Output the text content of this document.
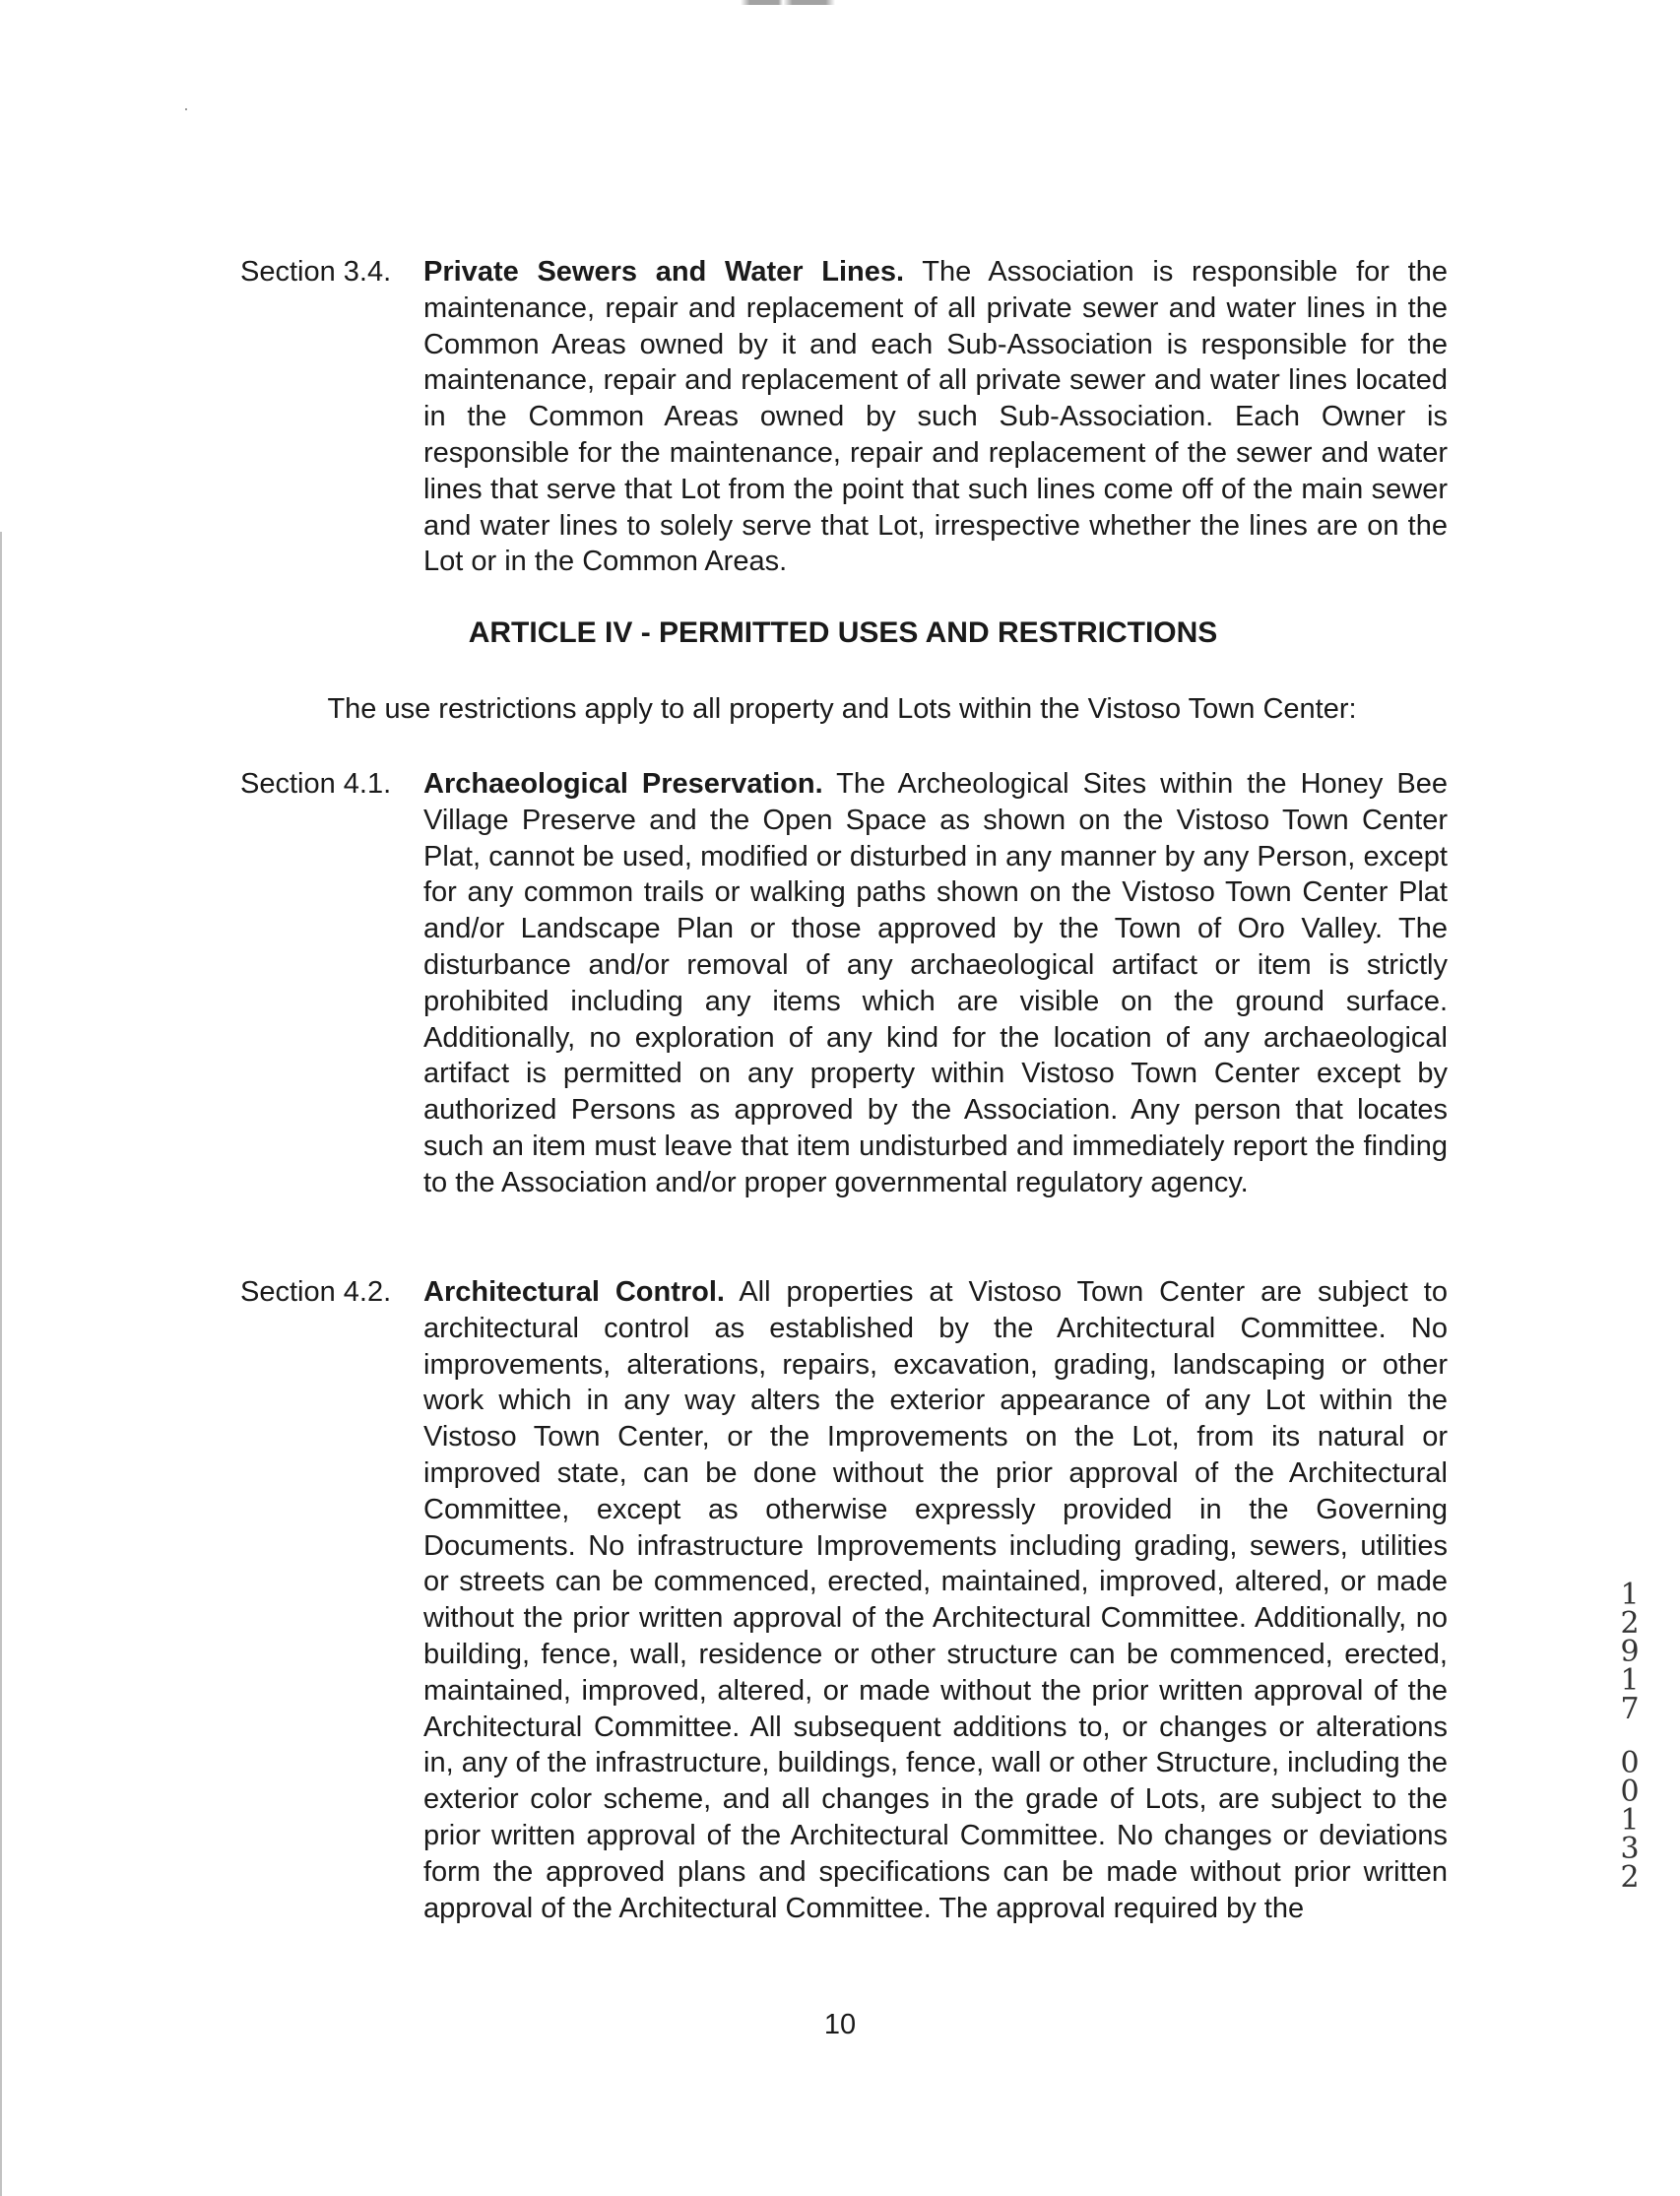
Section 3.4.	Private Sewers and Water Lines. The Association is responsible for the maintenance, repair and replacement of all private sewer and water lines in the Common Areas owned by it and each Sub-Association is responsible for the maintenance, repair and replacement of all private sewer and water lines located in the Common Areas owned by such Sub-Association. Each Owner is responsible for the maintenance, repair and replacement of the sewer and water lines that serve that Lot from the point that such lines come off of the main sewer and water lines to solely serve that Lot, irrespective whether the lines are on the Lot or in the Common Areas.
ARTICLE IV - PERMITTED USES AND RESTRICTIONS
The use restrictions apply to all property and Lots within the Vistoso Town Center:
Section 4.1.	Archaeological Preservation. The Archeological Sites within the Honey Bee Village Preserve and the Open Space as shown on the Vistoso Town Center Plat, cannot be used, modified or disturbed in any manner by any Person, except for any common trails or walking paths shown on the Vistoso Town Center Plat and/or Landscape Plan or those approved by the Town of Oro Valley. The disturbance and/or removal of any archaeological artifact or item is strictly prohibited including any items which are visible on the ground surface. Additionally, no exploration of any kind for the location of any archaeological artifact is permitted on any property within Vistoso Town Center except by authorized Persons as approved by the Association. Any person that locates such an item must leave that item undisturbed and immediately report the finding to the Association and/or proper governmental regulatory agency.
Section 4.2.	Architectural Control. All properties at Vistoso Town Center are subject to architectural control as established by the Architectural Committee. No improvements, alterations, repairs, excavation, grading, landscaping or other work which in any way alters the exterior appearance of any Lot within the Vistoso Town Center, or the Improvements on the Lot, from its natural or improved state, can be done without the prior approval of the Architectural Committee, except as otherwise expressly provided in the Governing Documents. No infrastructure Improvements including grading, sewers, utilities or streets can be commenced, erected, maintained, improved, altered, or made without the prior written approval of the Architectural Committee. Additionally, no building, fence, wall, residence or other structure can be commenced, erected, maintained, improved, altered, or made without the prior written approval of the Architectural Committee. All subsequent additions to, or changes or alterations in, any of the infrastructure, buildings, fence, wall or other Structure, including the exterior color scheme, and all changes in the grade of Lots, are subject to the prior written approval of the Architectural Committee. No changes or deviations form the approved plans and specifications can be made without prior written approval of the Architectural Committee. The approval required by the
10
1
2
9
1
7
0
0
1
3
2
